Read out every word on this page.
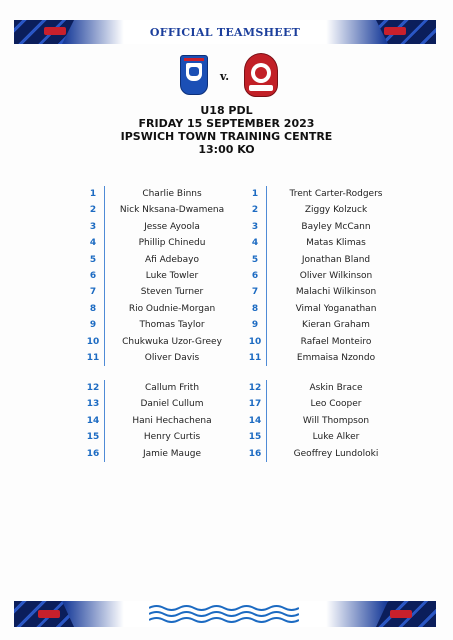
OFFICIAL TEAMSHEET
v.
U18 PDL
FRIDAY 15 SEPTEMBER 2023
IPSWICH TOWN TRAINING CENTRE
13:00 KO
1	Charlie Binns	1	Trent Carter-Rodgers
2	Nick Nksana-Dwamena	2	Ziggy Kolzuck
3	Jesse Ayoola	3	Bayley McCann
4	Phillip Chinedu	4	Matas Klimas
5	Afi Adebayo	5	Jonathan Bland
6	Luke Towler	6	Oliver Wilkinson
7	Steven Turner	7	Malachi Wilkinson
8	Rio Oudnie-Morgan	8	Vimal Yoganathan
9	Thomas Taylor	9	Kieran Graham
10	Chukwuka Uzor-Greey	10	Rafael Monteiro
11	Oliver Davis	11	Emmaisa Nzondo
12	Callum Frith	12	Askin Brace
13	Daniel Cullum	17	Leo Cooper
14	Hani Hechachena	14	Will Thompson
15	Henry Curtis	15	Luke Alker
16	Jamie Mauge	16	Geoffrey Lundoloki
